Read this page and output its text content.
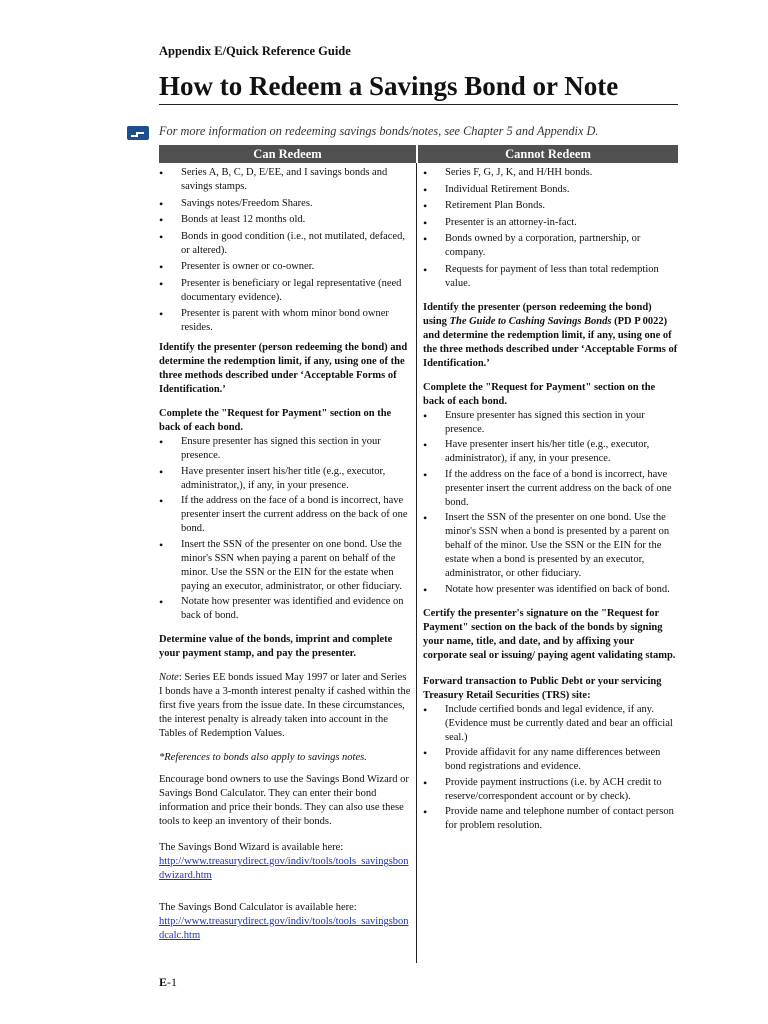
Appendix E/Quick Reference Guide
How to Redeem a Savings Bond or Note
For more information on redeeming savings bonds/notes, see Chapter 5 and Appendix D.
Can Redeem	Cannot Redeem
• Series A, B, C, D, E/EE, and I savings bonds and savings stamps.
• Savings notes/Freedom Shares.
• Bonds at least 12 months old.
• Bonds in good condition (i.e., not mutilated, defaced, or altered).
• Presenter is owner or co-owner.
• Presenter is beneficiary or legal representative (need documentary evidence).
• Presenter is parent with whom minor bond owner resides.

Identify the presenter (person redeeming the bond) and determine the redemption limit, if any, using one of the three methods described under ‘Acceptable Forms of Identification.’

Complete the "Request for Payment" section on the back of each bond.

• Ensure presenter has signed this section in your presence.
• Have presenter insert his/her title (e.g., executor, administrator,), if any, in your presence.
• If the address on the face of a bond is incorrect, have presenter insert the current address on the back of one bond.
• Insert the SSN of the presenter on one bond. Use the minor's SSN when paying a parent on behalf of the minor. Use the SSN or the EIN for the estate when paying an executor, administrator, or other fiduciary.
• Notate how presenter was identified and evidence on back of bond.

Determine value of the bonds, imprint and complete your payment stamp, and pay the presenter.

Note: Series EE bonds issued May 1997 or later and Series I bonds have a 3-month interest penalty if cashed within the first five years from the issue date. In these circumstances, the interest penalty is already taken into account in the Tables of Redemption Values.

*References to bonds also apply to savings notes.

Encourage bond owners to use the Savings Bond Wizard or Savings Bond Calculator. They can enter their bond information and price their bonds. They can also use these tools to keep an inventory of their bonds.

The Savings Bond Wizard is available here:

http://www.treasurydirect.gov/indiv/tools/tools_savingsbondwizard.htm

The Savings Bond Calculator is available here:

http://www.treasurydirect.gov/indiv/tools/tools_savingsbondcalc.htm

• Series F, G, J, K, and H/HH bonds.
• Individual Retirement Bonds.
• Retirement Plan Bonds.
• Presenter is an attorney-in-fact.
• Bonds owned by a corporation, partnership, or company.
• Requests for payment of less than total redemption value.

Identify the presenter (person redeeming the bond) using The Guide to Cashing Savings Bonds (PD P 0022) and determine the redemption limit, if any, using one of the three methods described under ‘Acceptable Forms of Identification.’

Complete the "Request for Payment" section on the back of each bond.

• Ensure presenter has signed this section in your presence.
• Have presenter insert his/her title (e.g., executor, administrator), if any, in your presence.
• If the address on the face of a bond is incorrect, have presenter insert the current address on the back of one bond.
• Insert the SSN of the presenter on one bond. Use the minor's SSN when a bond is presented by a parent on behalf of the minor. Use the SSN or the EIN for the estate when a bond is presented by an executor, administrator, or other fiduciary.
• Notate how presenter was identified on back of bond.

Certify the presenter's signature on the "Request for Payment" section on the back of the bonds by signing your name, title, and date, and by affixing your corporate seal or issuing/ paying agent validating stamp.

Forward transaction to Public Debt or your servicing Treasury Retail Securities (TRS) site:

• Include certified bonds and legal evidence, if any. (Evidence must be currently dated and bear an official seal.)
• Provide affidavit for any name differences between bond registrations and evidence.
• Provide payment instructions (i.e. by ACH credit to reserve/correspondent account or by check).
• Provide name and telephone number of contact person for problem resolution.
E-1
